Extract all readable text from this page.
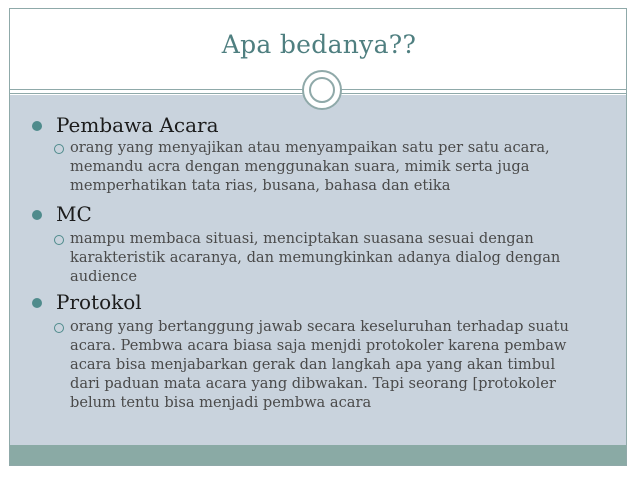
Apa bedanya??
Pembawa Acara
orang yang menyajikan atau menyampaikan satu per satu acara,
memandu acra dengan menggunakan suara, mimik serta juga
memperhatikan tata rias, busana, bahasa dan etika
MC
mampu membaca situasi, menciptakan suasana sesuai dengan
karakteristik acaranya, dan memungkinkan adanya dialog dengan
audience
Protokol
orang yang bertanggung jawab secara keseluruhan terhadap suatu
acara. Pembwa acara biasa saja menjdi protokoler karena pembaw
acara bisa menjabarkan gerak dan langkah apa yang akan timbul
dari paduan mata acara yang dibwakan. Tapi seorang [protokoler
belum tentu bisa menjadi pembwa acara
